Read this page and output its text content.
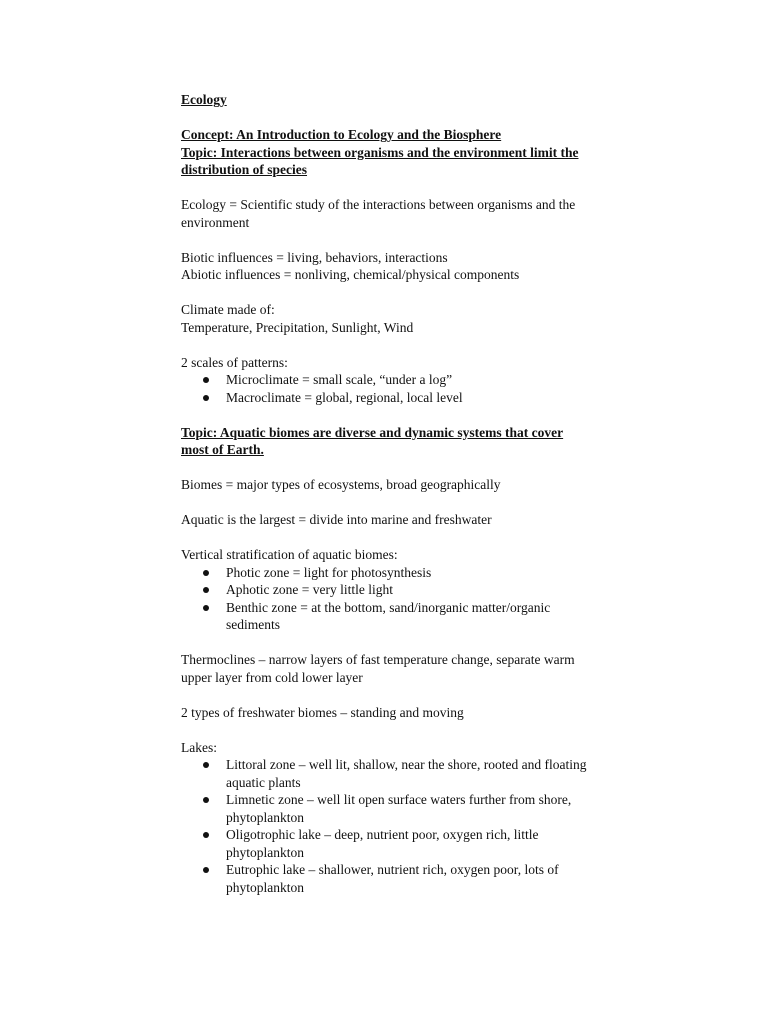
Ecology

Concept: An Introduction to Ecology and the Biosphere

Topic: Interactions between organisms and the environment limit the distribution of species

Ecology = Scientific study of the interactions between organisms and the environment

Biotic influences = living, behaviors, interactions

Abiotic influences = nonliving, chemical/physical components

Climate made of:

Temperature, Precipitation, Sunlight, Wind

2 scales of patterns:

Microclimate = small scale, “under a log”
Macroclimate = global, regional, local level

Topic: Aquatic biomes are diverse and dynamic systems that cover most of Earth.

Biomes = major types of ecosystems, broad geographically

Aquatic is the largest = divide into marine and freshwater

Vertical stratification of aquatic biomes:

Photic zone = light for photosynthesis
Aphotic zone = very little light
Benthic zone = at the bottom, sand/inorganic matter/organic sediments

Thermoclines – narrow layers of fast temperature change, separate warm upper layer from cold lower layer

2 types of freshwater biomes – standing and moving

Lakes:

Littoral zone – well lit, shallow, near the shore, rooted and floating aquatic plants
Limnetic zone – well lit open surface waters further from shore, phytoplankton
Oligotrophic lake – deep, nutrient poor, oxygen rich, little phytoplankton
Eutrophic lake – shallower, nutrient rich, oxygen poor, lots of phytoplankton
